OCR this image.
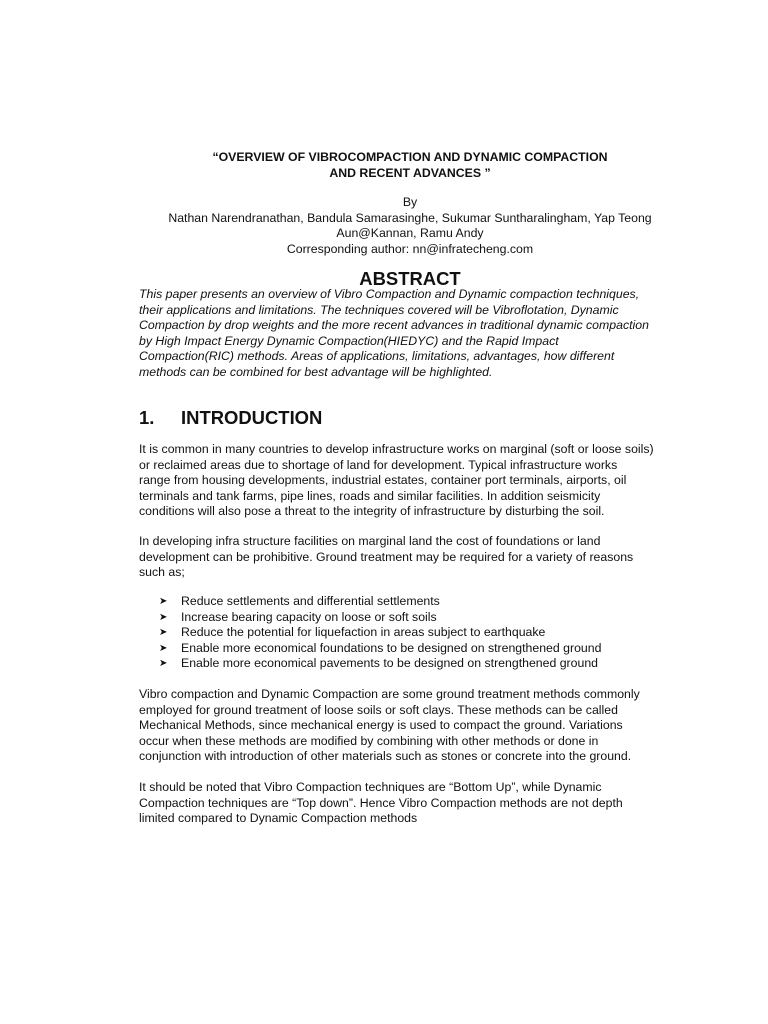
“OVERVIEW OF VIBROCOMPACTION AND DYNAMIC COMPACTION
AND RECENT ADVANCES ”
By
Nathan Narendranathan, Bandula Samarasinghe, Sukumar Suntharalingham, Yap Teong
Aun@Kannan, Ramu Andy
Corresponding author: nn@infratecheng.com
ABSTRACT
This paper presents an overview of Vibro Compaction and Dynamic compaction techniques,
their applications and limitations. The techniques covered will be Vibroflotation, Dynamic
Compaction by drop weights and the more recent advances in traditional dynamic compaction
by High Impact Energy Dynamic Compaction(HIEDYC) and the Rapid Impact
Compaction(RIC) methods. Areas of applications, limitations, advantages, how different
methods can be combined for best advantage will be highlighted.
1. INTRODUCTION
It is common in many countries to develop infrastructure works on marginal (soft or loose soils)
or reclaimed areas due to shortage of land for development. Typical infrastructure works
range from housing developments, industrial estates, container port terminals, airports, oil
terminals and tank farms, pipe lines, roads and similar facilities. In addition seismicity
conditions will also pose a threat to the integrity of infrastructure by disturbing the soil.
In developing infra structure facilities on marginal land the cost of foundations or land
development can be prohibitive. Ground treatment may be required for a variety of reasons
such as;
➤ Reduce settlements and differential settlements
➤ Increase bearing capacity on loose or soft soils
➤ Reduce the potential for liquefaction in areas subject to earthquake
➤ Enable more economical foundations to be designed on strengthened ground
➤ Enable more economical pavements to be designed on strengthened ground
Vibro compaction and Dynamic Compaction are some ground treatment methods commonly
employed for ground treatment of loose soils or soft clays. These methods can be called
Mechanical Methods, since mechanical energy is used to compact the ground. Variations
occur when these methods are modified by combining with other methods or done in
conjunction with introduction of other materials such as stones or concrete into the ground.
It should be noted that Vibro Compaction techniques are “Bottom Up”, while Dynamic
Compaction techniques are “Top down”. Hence Vibro Compaction methods are not depth
limited compared to Dynamic Compaction methods
